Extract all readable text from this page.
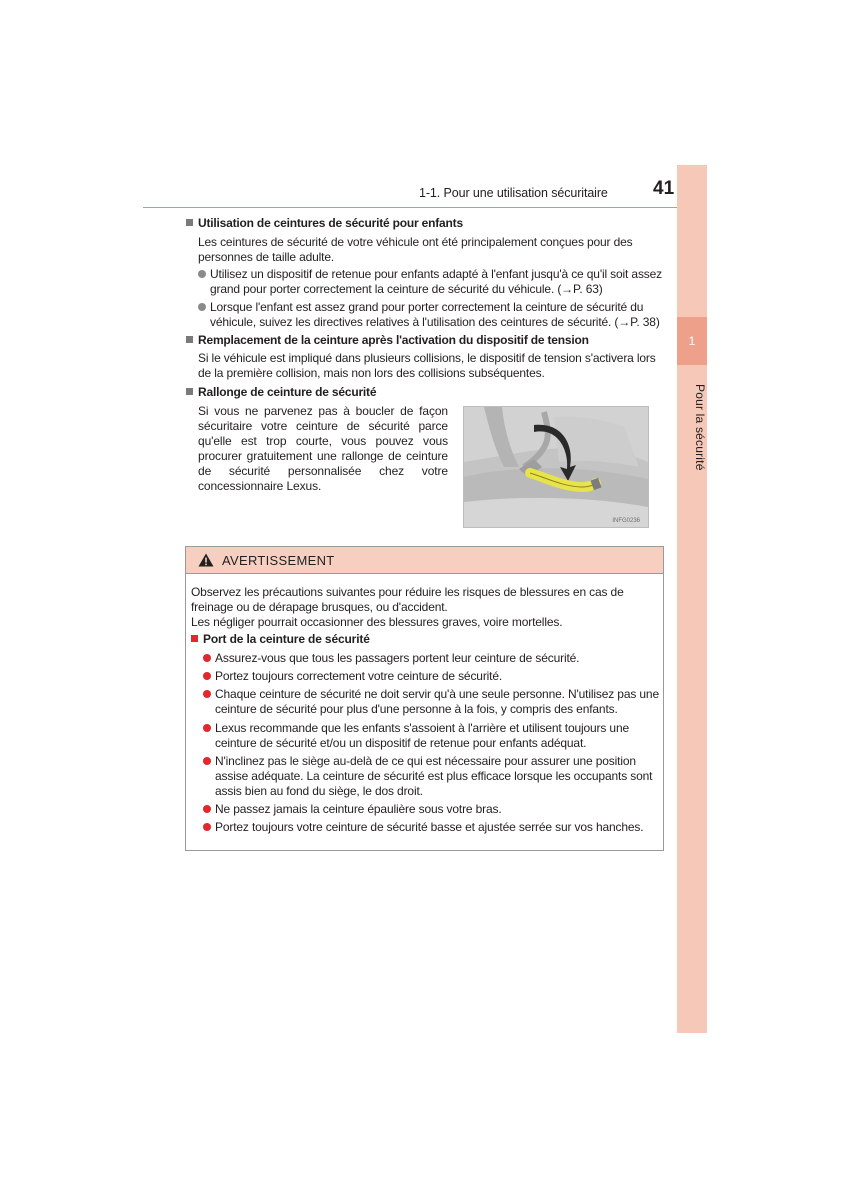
1
Pour la sécurité
1-1. Pour une utilisation sécuritaire 41
Utilisation de ceintures de sécurité pour enfants
Les ceintures de sécurité de votre véhicule ont été principalement conçues pour des personnes de taille adulte.
Utilisez un dispositif de retenue pour enfants adapté à l'enfant jusqu'à ce qu'il soit assez grand pour porter correctement la ceinture de sécurité du véhicule. (→P. 63)
Lorsque l'enfant est assez grand pour porter correctement la ceinture de sécurité du véhicule, suivez les directives relatives à l'utilisation des ceintures de sécurité. (→P. 38)
Remplacement de la ceinture après l'activation du dispositif de tension
Si le véhicule est impliqué dans plusieurs collisions, le dispositif de tension s'activera lors de la première collision, mais non lors des collisions subséquentes.
Rallonge de ceinture de sécurité
Si vous ne parvenez pas à boucler de façon sécuritaire votre ceinture de sécurité parce qu'elle est trop courte, vous pouvez vous procurer gratuitement une rallonge de ceinture de sécurité personnalisée chez votre concessionnaire Lexus.
INFG0236
AVERTISSEMENT
Observez les précautions suivantes pour réduire les risques de blessures en cas de freinage ou de dérapage brusques, ou d'accident.
Les négliger pourrait occasionner des blessures graves, voire mortelles.
Port de la ceinture de sécurité
Assurez-vous que tous les passagers portent leur ceinture de sécurité.
Portez toujours correctement votre ceinture de sécurité.
Chaque ceinture de sécurité ne doit servir qu'à une seule personne. N'utilisez pas une ceinture de sécurité pour plus d'une personne à la fois, y compris des enfants.
Lexus recommande que les enfants s'assoient à l'arrière et utilisent toujours une ceinture de sécurité et/ou un dispositif de retenue pour enfants adéquat.
N'inclinez pas le siège au-delà de ce qui est nécessaire pour assurer une position assise adéquate. La ceinture de sécurité est plus efficace lorsque les occupants sont assis bien au fond du siège, le dos droit.
Ne passez jamais la ceinture épaulière sous votre bras.
Portez toujours votre ceinture de sécurité basse et ajustée serrée sur vos hanches.
